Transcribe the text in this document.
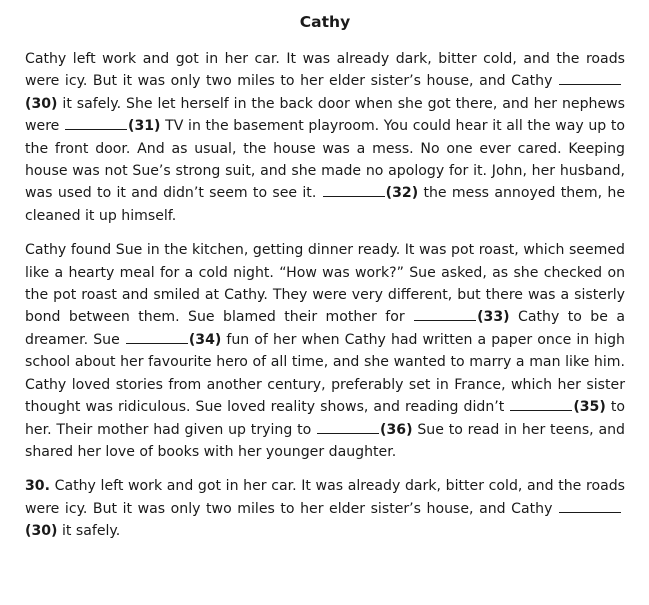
Cathy

Cathy left work and got in her car. It was already dark, bitter cold, and the roads were icy. But it was only two miles to her elder sister’s house, and Cathy (30) it safely. She let herself in the back door when she got there, and her nephews were	(31) TV in the basement playroom. You could hear it all the way up to the front door. And as usual, the house was a mess. No one ever cared. Keeping house was not Sue’s strong suit, and she made no apology for it. John, her husband, was used to it and didn’t seem to see it.	(32) the mess annoyed them, he cleaned it up himself.

Cathy found Sue in the kitchen, getting dinner ready. It was pot roast, which seemed like a hearty meal for a cold night. “How was work?” Sue asked, as she checked on the pot roast and smiled at Cathy. They were very different, but there was a sisterly bond between them. Sue blamed their mother for	(33) Cathy to be a dreamer. Sue	(34) fun of her when Cathy had written a paper once in high school about her favourite hero of all time, and she wanted to marry a man like him. Cathy loved stories from another century, preferably set in France, which her sister thought was ridiculous. Sue loved reality shows, and reading didn’t	(35) to her. Their mother had given up trying to	(36) Sue to read in her teens, and shared her love of books with her younger daughter.

30. Cathy left work and got in her car. It was already dark, bitter cold, and the roads were icy. But it was only two miles to her elder sister’s house, and Cathy (30) it safely.
